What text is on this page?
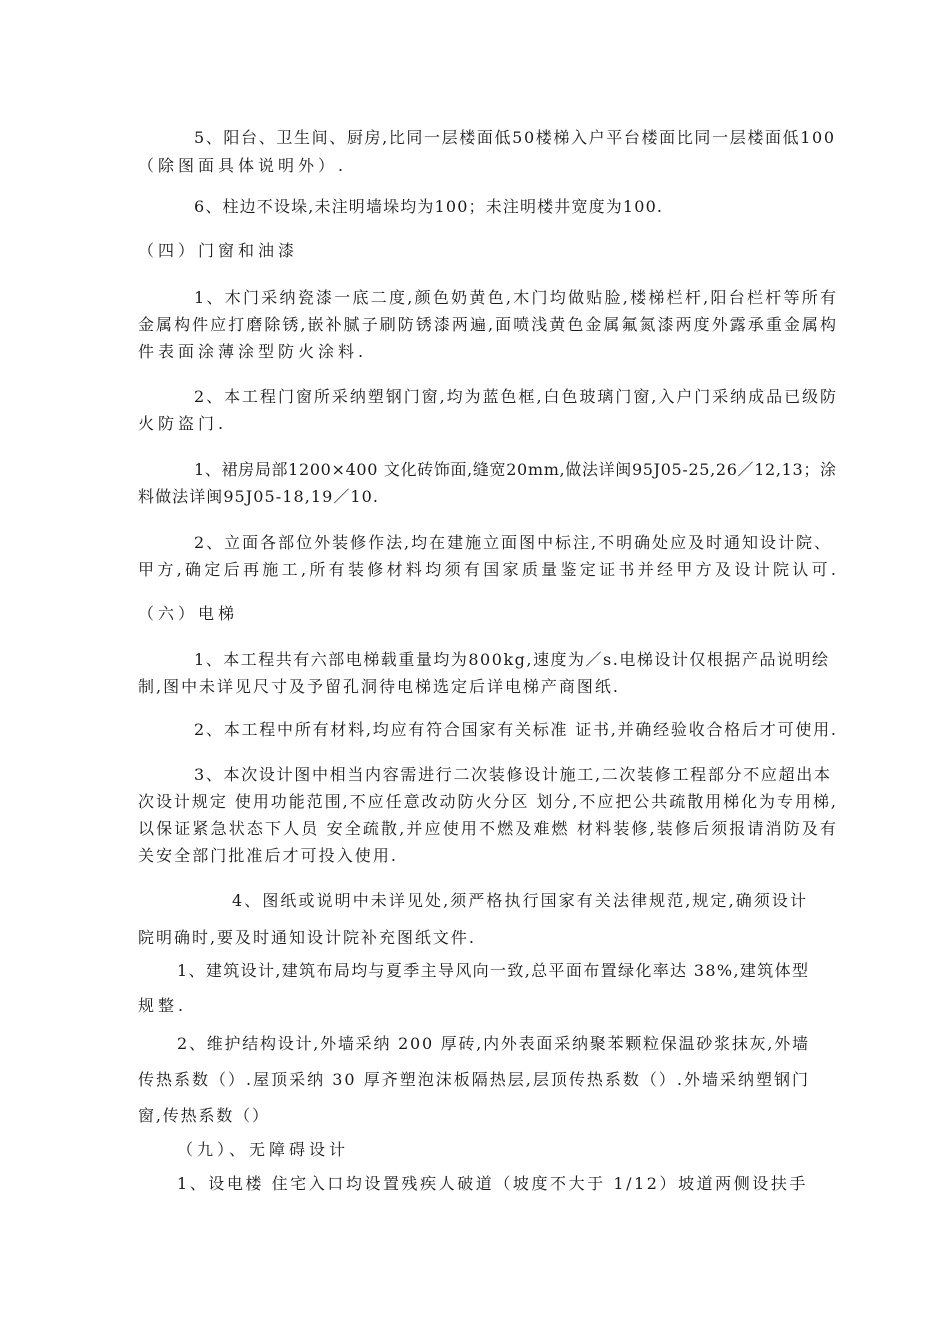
5、阳台、卫生间、厨房,比同一层楼面低50楼梯入户平台楼面比同一层楼面低100
（除图面具体说明外）.
6、柱边不设垛,未注明墙垛均为100；未注明楼井宽度为100.
（四）门窗和油漆
1、木门采纳瓷漆一底二度,颜色奶黄色,木门均做贴脸,楼梯栏杆,阳台栏杆等所有
金属构件应打磨除锈,嵌补腻子刷防锈漆两遍,面喷浅黄色金属氟氮漆两度外露承重金属构
件表面涂薄涂型防火涂料.
2、本工程门窗所采纳塑钢门窗,均为蓝色框,白色玻璃门窗,入户门采纳成品已级防
火防盗门.
1、裙房局部1200×400 文化砖饰面,缝宽20mm,做法详闽95J05-25,26／12,13；涂
料做法详闽95J05-18,19／10.
2、立面各部位外装修作法,均在建施立面图中标注,不明确处应及时通知设计院、
甲方,确定后再施工,所有装修材料均须有国家质量鉴定证书并经甲方及设计院认可.
（六）电梯
1、本工程共有六部电梯载重量均为800kg,速度为／s.电梯设计仅根据产品说明绘
制,图中未详见尺寸及予留孔洞待电梯选定后详电梯产商图纸.
2、本工程中所有材料,均应有符合国家有关标准 证书,并确经验收合格后才可使用.
3、本次设计图中相当内容需进行二次装修设计施工,二次装修工程部分不应超出本
次设计规定 使用功能范围,不应任意改动防火分区 划分,不应把公共疏散用梯化为专用梯,
以保证紧急状态下人员 安全疏散,并应使用不燃及难燃 材料装修,装修后须报请消防及有
关安全部门批准后才可投入使用.
4、图纸或说明中未详见处,须严格执行国家有关法律规范,规定,确须设计
院明确时,要及时通知设计院补充图纸文件.
1、建筑设计,建筑布局均与夏季主导风向一致,总平面布置绿化率达 38%,建筑体型
规整.
2、维护结构设计,外墙采纳 200 厚砖,内外表面采纳聚苯颗粒保温砂浆抹灰,外墙
传热系数（）.屋顶采纳 30 厚齐塑泡沫板隔热层,层顶传热系数（）.外墙采纳塑钢门
窗,传热系数（）
（九）、无障碍设计
1、设电楼 住宅入口均设置残疾人破道（坡度不大于 1/12）坡道两侧设扶手
